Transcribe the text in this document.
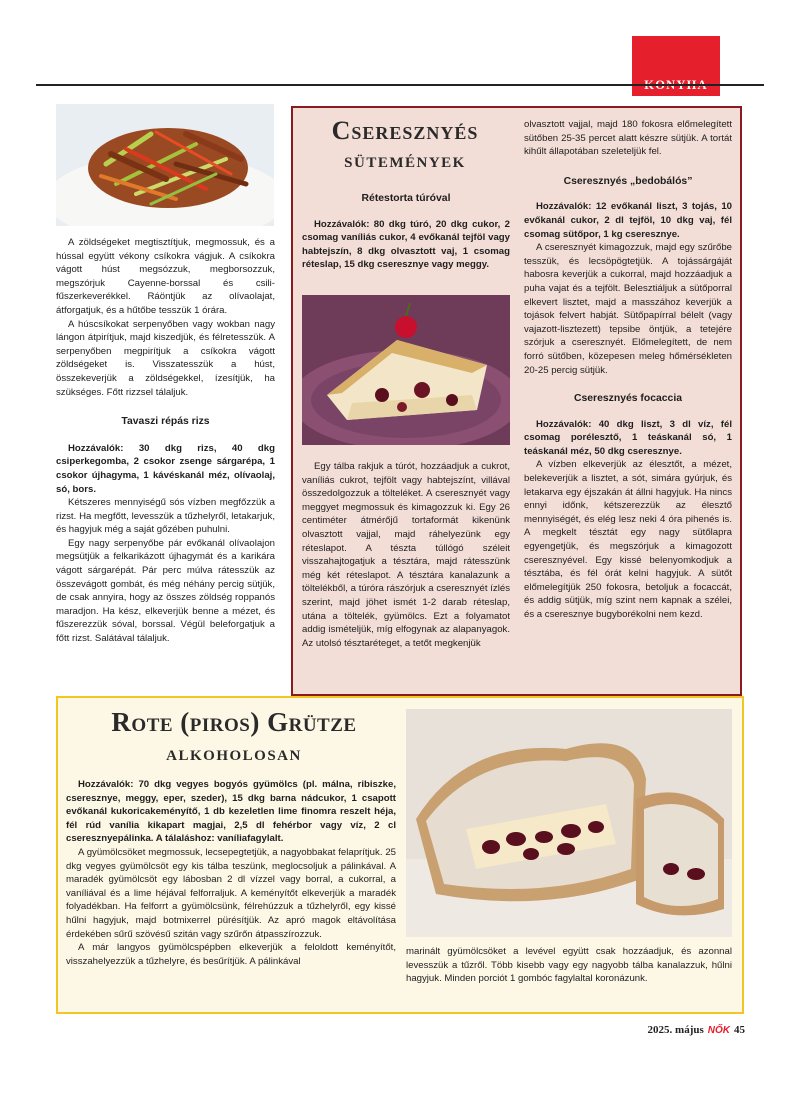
A zöldségeket megtisztítjuk, megmossuk, és a hússal együtt vékony csíkokra vágjuk. A csíkokra vágott húst megsózzuk, megborsozzuk, megszórjuk Cayenne-borssal és csili-fűszerkeverékkel. Ráöntjük az olívaolajat, átforgatjuk, és a hűtőbe tesszük 1 órára.

A húscsíkokat serpenyőben vagy wokban nagy lángon átpirítjuk, majd kiszedjük, és félretesszük. A serpenyőben megpirítjuk a csíkokra vágott zöldségeket is. Visszatesszük a húst, összekeverjük a zöldségekkel, ízesítjük, ha szükséges. Főtt rizzsel tálaljuk.

Tavaszi répás rizs

Hozzávalók: 30 dkg rizs, 40 dkg csiperkegomba, 2 csokor zsenge sárgarépa, 1 csokor újhagyma, 1 kávéskanál méz, olívaolaj, só, bors.

Kétszeres mennyiségű sós vízben megfőzzük a rizst. Ha megfőtt, levesszük a tűzhelyről, letakarjuk, és hagyjuk még a saját gőzében puhulni.

Egy nagy serpenyőbe pár evőkanál olívaolajon megsütjük a felkarikázott újhagymát és a karikára vágott sárgarépát. Pár perc múlva rátesszük az összevágott gombát, és még néhány percig sütjük, de csak annyira, hogy az összes zöldség roppanós maradjon. Ha kész, elkeverjük benne a mézet, és fűszerezzük sóval, borssal. Végül beleforgatjuk a főtt rizst. Salátával tálaljuk.

Cseresznyés
sütemények
Rétestorta túróval

Hozzávalók: 80 dkg túró, 20 dkg cukor, 2 csomag vaníliás cukor, 4 evőkanál tejföl vagy habtejszín, 8 dkg olvasztott vaj, 1 csomag réteslap, 15 dkg cseresznye vagy meggy.

Egy tálba rakjuk a túrót, hozzáadjuk a cukrot, vaníliás cukrot, tejfölt vagy habtejszínt, villával összedolgozzuk a tölteléket. A cseresznyét vagy meggyet megmossuk és kimagozzuk ki. Egy 26 centiméter átmérőjű tortaformát kikenünk olvasztott vajjal, majd ráhelyezünk egy réteslapot. A tészta túllógó széleit visszahajtogatjuk a tésztára, majd rátesszünk még két réteslapot. A tésztára kanalazunk a töltelékből, a túróra rászórjuk a cseresznyét ízlés szerint, majd jöhet ismét 1-2 darab réteslap, utána a töltelék, gyümölcs. Ezt a folyamatot addig ismételjük, míg elfogynak az alapanyagok. Az utolsó tésztaréteget, a tetőt megkenjük

olvasztott vajjal, majd 180 fokosra előmelegített sütőben 25-35 percet alatt készre sütjük. A tortát kihűlt állapotában szeleteljük fel.

Cseresznyés „bedobálós”

Hozzávalók: 12 evőkanál liszt, 3 tojás, 10 evőkanál cukor, 2 dl tejföl, 10 dkg vaj, fél csomag sütőpor, 1 kg cseresznye.

A cseresznyét kimagozzuk, majd egy szűrőbe tesszük, és lecsöpögtetjük. A tojássárgáját habosra keverjük a cukorral, majd hozzáadjuk a puha vajat és a tejfölt. Belesztiáljuk a sütőporral elkevert lisztet, majd a masszához keverjük a tojások felvert habját. Sütőpapírral bélelt (vagy vajazott-lisztezett) tepsibe öntjük, a tetejére szórjuk a cseresznyét. Előmelegített, de nem forró sütőben, közepesen meleg hőmérsékleten 20-25 percig sütjük.

Cseresznyés focaccia

Hozzávalók: 40 dkg liszt, 3 dl víz, fél csomag porélesztő, 1 teáskanál só, 1 teáskanál méz, 50 dkg cseresznye.

A vízben elkeverjük az élesztőt, a mézet, belekeverjük a lisztet, a sót, simára gyúrjuk, és letakarva egy éjszakán át állni hagyjuk. Ha nincs ennyi időnk, kétszerezzük az élesztő mennyiségét, és elég lesz neki 4 óra pihenés is. A megkelt tésztát egy nagy sütőlapra egyengetjük, és megszórjuk a kimagozott cseresznyével. Egy kissé belenyomkodjuk a tésztába, és fél órát kelni hagyjuk. A sütőt előmelegítjük 250 fokosra, betoljuk a focaccát, és addig sütjük, míg szint nem kapnak a szélei, és a cseresznye bugyborékolni nem kezd.

Rote (piros) Grütze
alkoholosan

Hozzávalók: 70 dkg vegyes bogyós gyümölcs (pl. málna, ribiszke, cseresznye, meggy, eper, szeder), 15 dkg barna nádcukor, 1 csapott evőkanál kukoricakeményítő, 1 db kezeletlen lime finomra reszelt héja, fél rúd vanília kikapart magjai, 2,5 dl fehérbor vagy víz, 2 cl cseresznyepálinka. A tálaláshoz: vaníliafagylalt.

A gyümölcsöket megmossuk, lecsepegtetjük, a nagyobbakat felaprítjuk. 25 dkg vegyes gyümölcsöt egy kis tálba teszünk, meglocsoljuk a pálinkával. A maradék gyümölcsöt egy lábosban 2 dl vízzel vagy borral, a cukorral, a vaníliával és a lime héjával felforraljuk. A keményítőt elkeverjük a maradék folyadékban. Ha felforrt a gyümölcsünk, félrehúzzuk a tűzhelyről, egy kissé hűlni hagyjuk, majd botmixerrel pürésítjük. Az apró magok eltávolítása érdekében sűrű szövésű szitán vagy szűrőn átpasszírozzuk.

A már langyos gyümölcspépben elkeverjük a feloldott keményítőt, visszahelyezzük a tűzhelyre, és besűrítjük. A pálinkával

marinált gyümölcsöket a levével együtt csak hozzáadjuk, és azonnal levesszük a tűzről. Több kisebb vagy egy nagyobb tálba kanalazzuk, hűlni hagyjuk. Minden porciót 1 gombóc fagylaltal koronázunk.

2025. május NŐK 45
